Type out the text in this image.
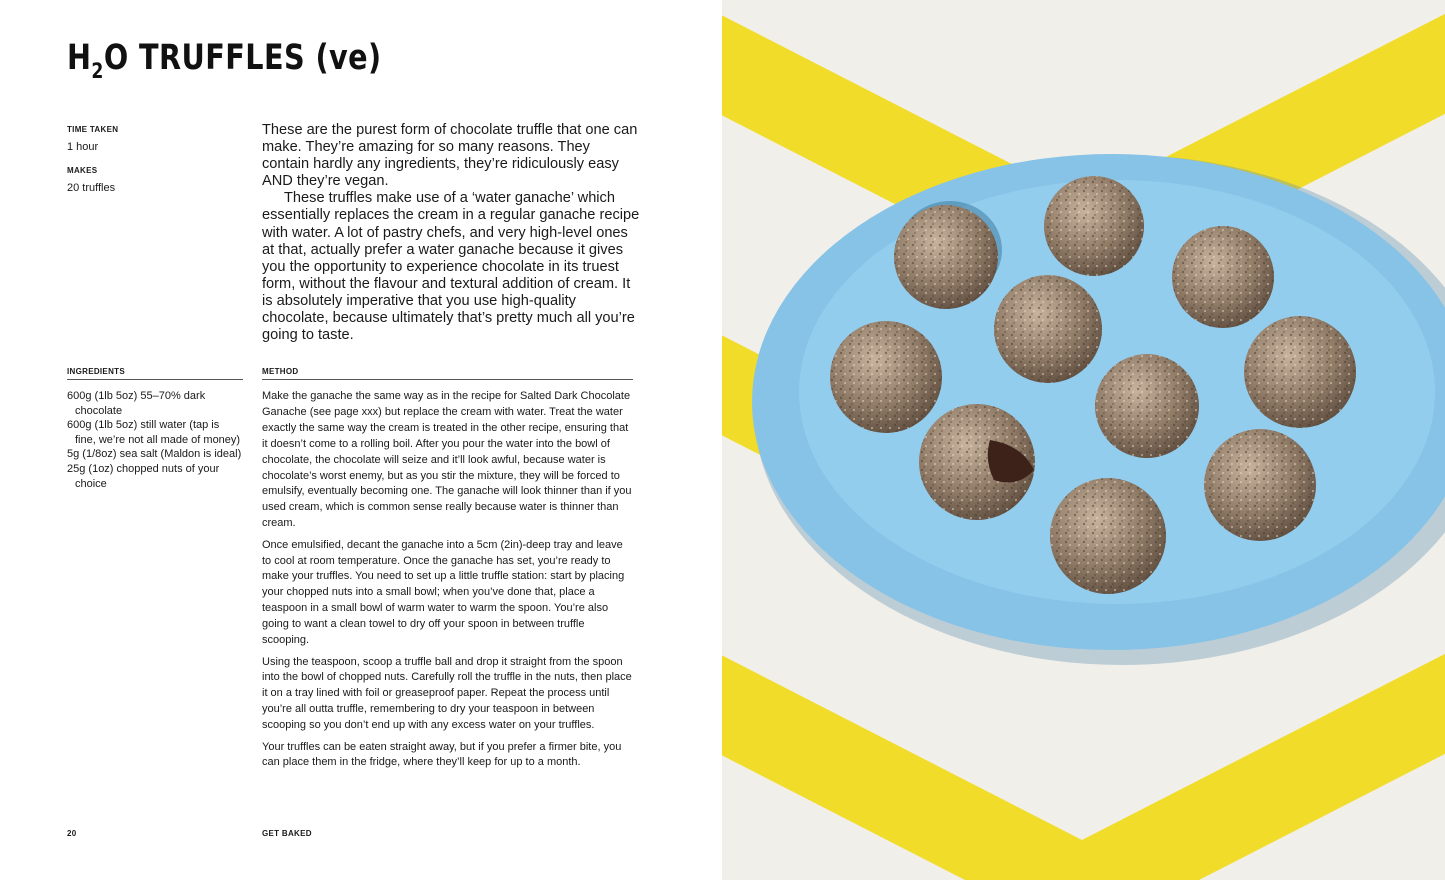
$H_2O$ TRUFFLES (ve)

TIME TAKEN

1 hour

MAKES

20 truffles

These are the purest form of chocolate truffle that one can make. They’re amazing for so many reasons. They contain hardly any ingredients, they’re ridiculously easy AND they’re vegan.

These truffles make use of a ‘water ganache’ which essentially replaces the cream in a regular ganache recipe with water. A lot of pastry chefs, and very high-level ones at that, actually prefer a water ganache because it gives you the opportunity to experience chocolate in its truest form, without the flavour and textural addition of cream. It is absolutely imperative that you use high-quality chocolate, because ultimately that’s pretty much all you’re going to taste.

INGREDIENTS	METHOD
600g (1lb 5oz) 55–70% dark chocolate
600g (1lb 5oz) still water (tap is fine, we’re not all made of money)
5g (1/8oz) sea salt (Maldon is ideal)
25g (1oz) chopped nuts of your choice

Make the ganache the same way as in the recipe for Salted Dark Chocolate Ganache (see page xxx) but replace the cream with water. Treat the water exactly the same way the cream is treated in the other recipe, ensuring that it doesn’t come to a rolling boil. After you pour the water into the bowl of chocolate, the chocolate will seize and it’ll look awful, because water is chocolate’s worst enemy, but as you stir the mixture, they will be forced to emulsify, eventually becoming one. The ganache will look thinner than if you used cream, which is common sense really because water is thinner than cream.

Once emulsified, decant the ganache into a 5cm (2in)-deep tray and leave to cool at room temperature. Once the ganache has set, you’re ready to make your truffles. You need to set up a little truffle station: start by placing your chopped nuts into a small bowl; when you’ve done that, place a teaspoon in a small bowl of warm water to warm the spoon. You’re also going to want a clean towel to dry off your spoon in between truffle scooping.

Using the teaspoon, scoop a truffle ball and drop it straight from the spoon into the bowl of chopped nuts. Carefully roll the truffle in the nuts, then place it on a tray lined with foil or greaseproof paper. Repeat the process until you’re all outta truffle, remembering to dry your teaspoon in between scooping so you don’t end up with any excess water on your truffles.

Your truffles can be eaten straight away, but if you prefer a firmer bite, you can place them in the fridge, where they’ll keep for up to a month.

20	GET BAKED
